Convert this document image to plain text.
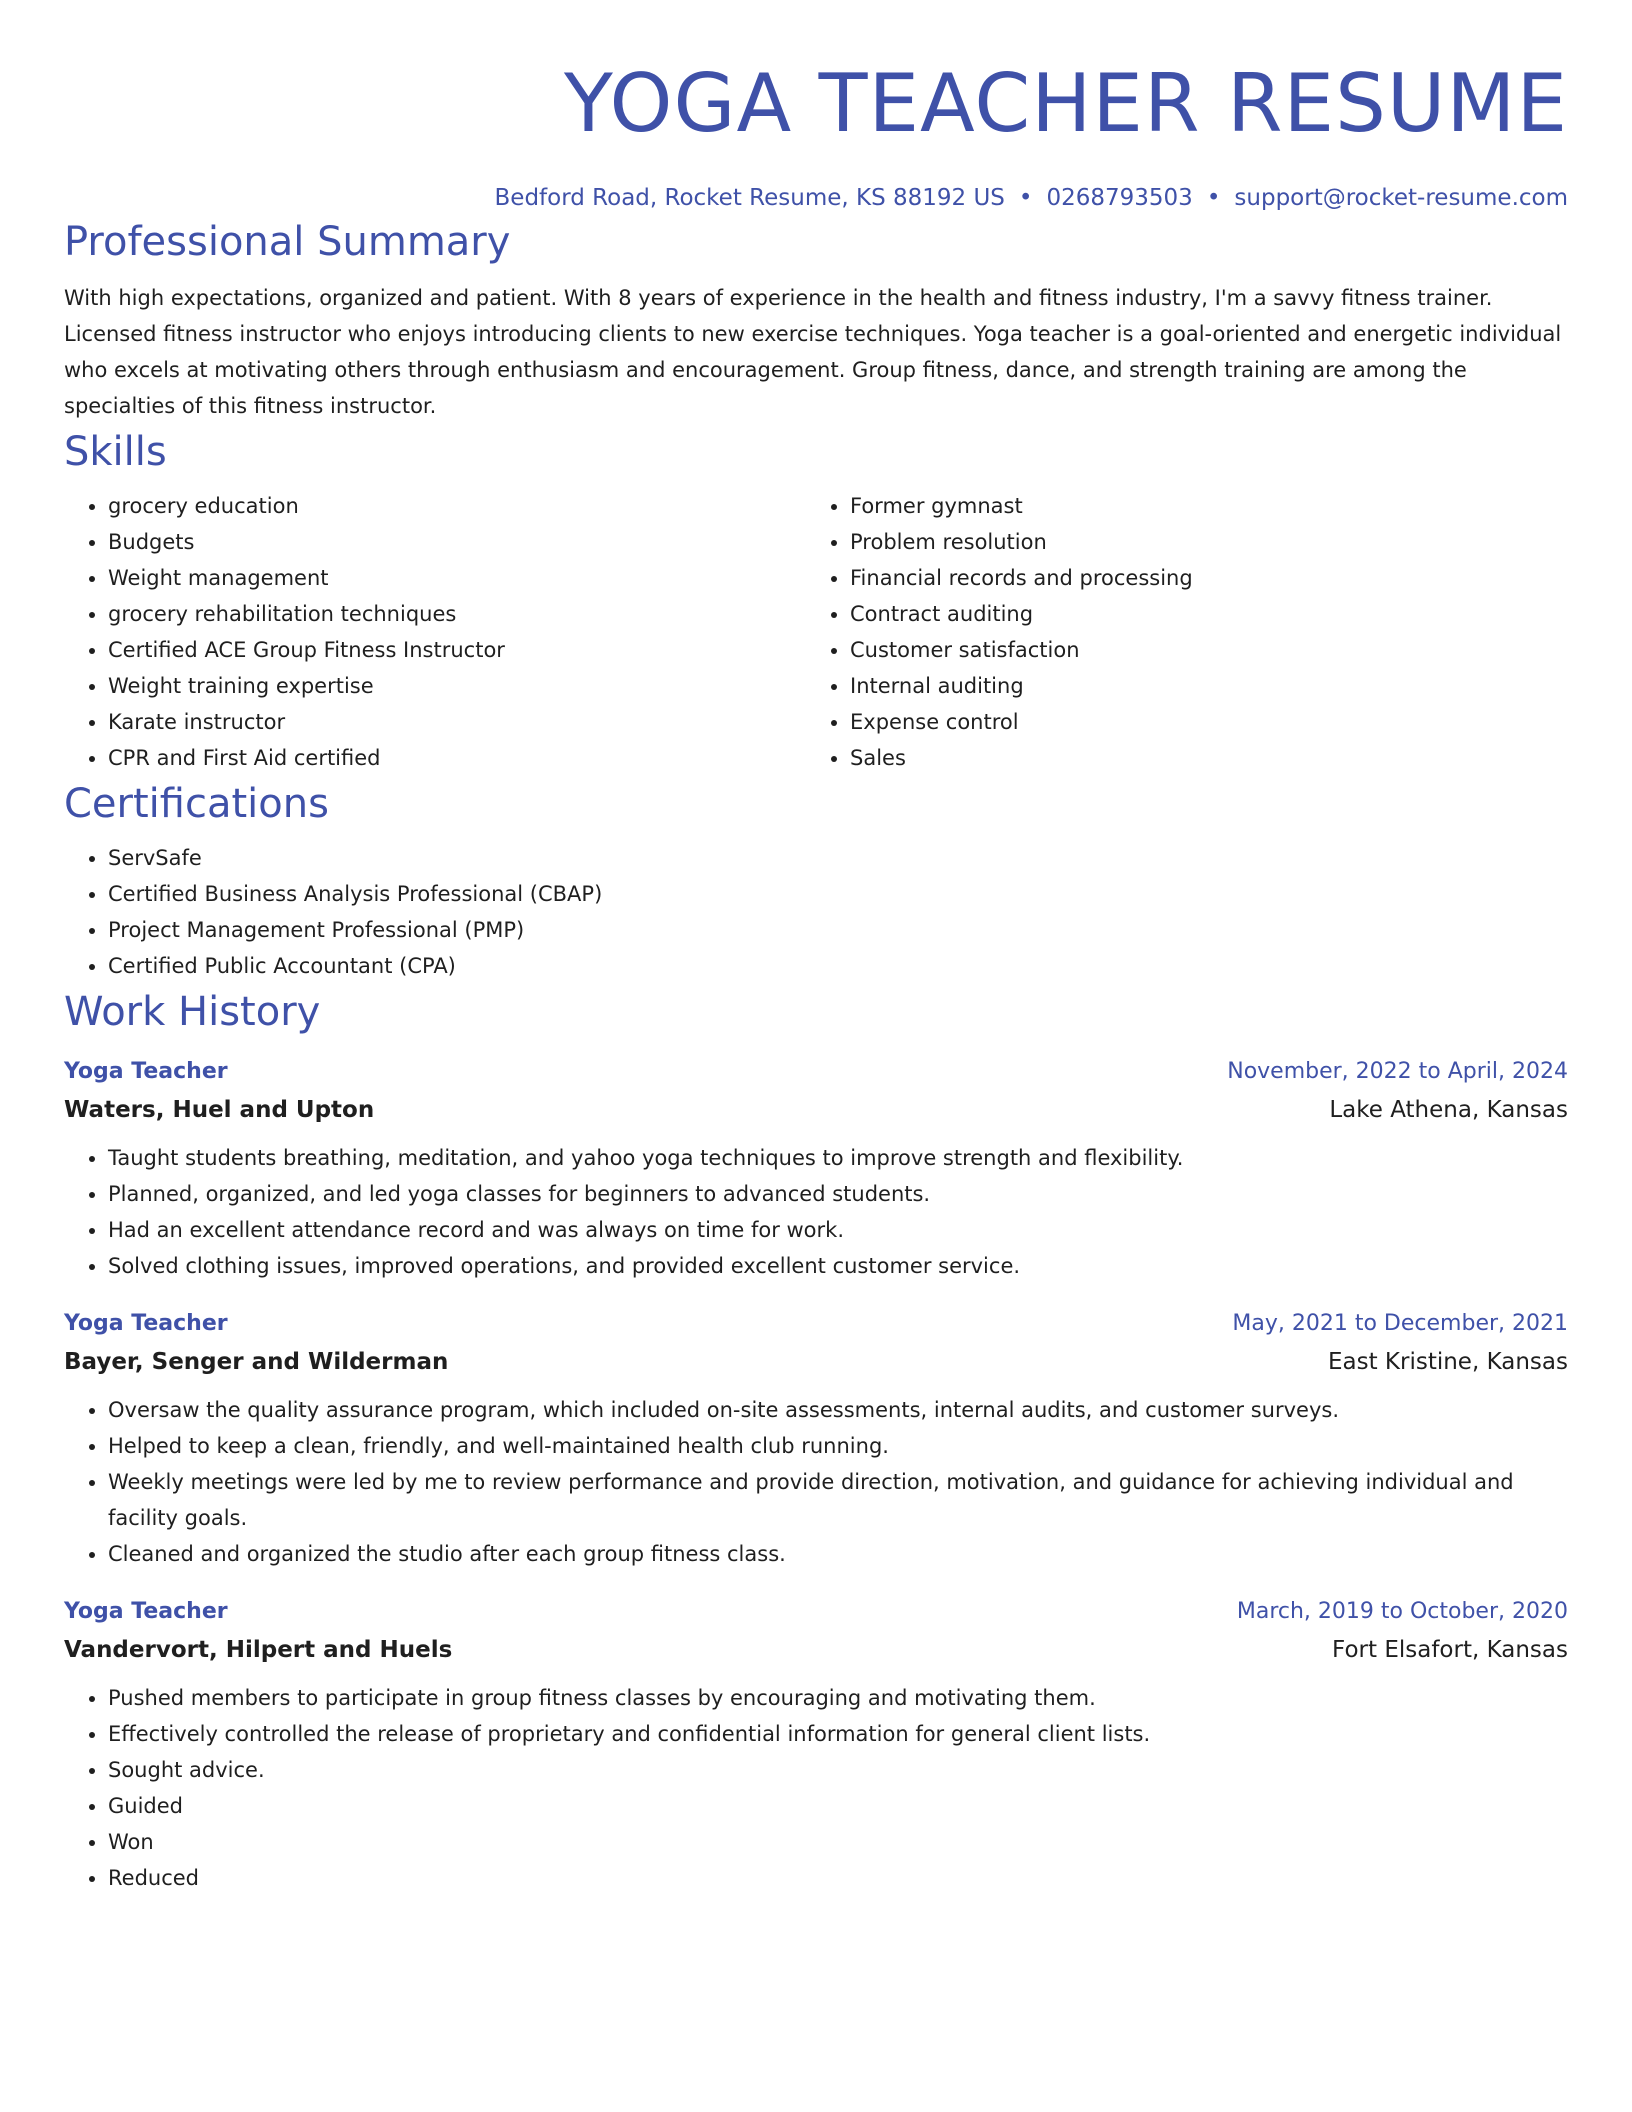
YOGA TEACHER RESUME
Bedford Road, Rocket Resume, KS 88192 US • 0268793503 • support@rocket-resume.com
Professional Summary

With high expectations, organized and patient. With 8 years of experience in the health and fitness industry, I'm a savvy fitness trainer. Licensed fitness instructor who enjoys introducing clients to new exercise techniques. Yoga teacher is a goal-oriented and energetic individual who excels at motivating others through enthusiasm and encouragement. Group fitness, dance, and strength training are among the specialties of this fitness instructor.

Skills
• grocery education
• Budgets
• Weight management
• grocery rehabilitation techniques
• Certified ACE Group Fitness Instructor
• Weight training expertise
• Karate instructor
• CPR and First Aid certified
• Former gymnast
• Problem resolution
• Financial records and processing
• Contract auditing
• Customer satisfaction
• Internal auditing
• Expense control
• Sales
Certifications
• ServSafe
• Certified Business Analysis Professional (CBAP)
• Project Management Professional (PMP)
• Certified Public Accountant (CPA)
Work History
Yoga Teacher	November, 2022 to April, 2024
Waters, Huel and Upton	Lake Athena, Kansas
• Taught students breathing, meditation, and yahoo yoga techniques to improve strength and flexibility.
• Planned, organized, and led yoga classes for beginners to advanced students.
• Had an excellent attendance record and was always on time for work.
• Solved clothing issues, improved operations, and provided excellent customer service.
Yoga Teacher	May, 2021 to December, 2021
Bayer, Senger and Wilderman	East Kristine, Kansas
• Oversaw the quality assurance program, which included on-site assessments, internal audits, and customer surveys.
• Helped to keep a clean, friendly, and well-maintained health club running.
• Weekly meetings were led by me to review performance and provide direction, motivation, and guidance for achieving individual and facility goals.
• Cleaned and organized the studio after each group fitness class.
Yoga Teacher	March, 2019 to October, 2020
Vandervort, Hilpert and Huels	Fort Elsafort, Kansas
• Pushed members to participate in group fitness classes by encouraging and motivating them.
• Effectively controlled the release of proprietary and confidential information for general client lists.
• Sought advice.
• Guided
• Won
• Reduced
